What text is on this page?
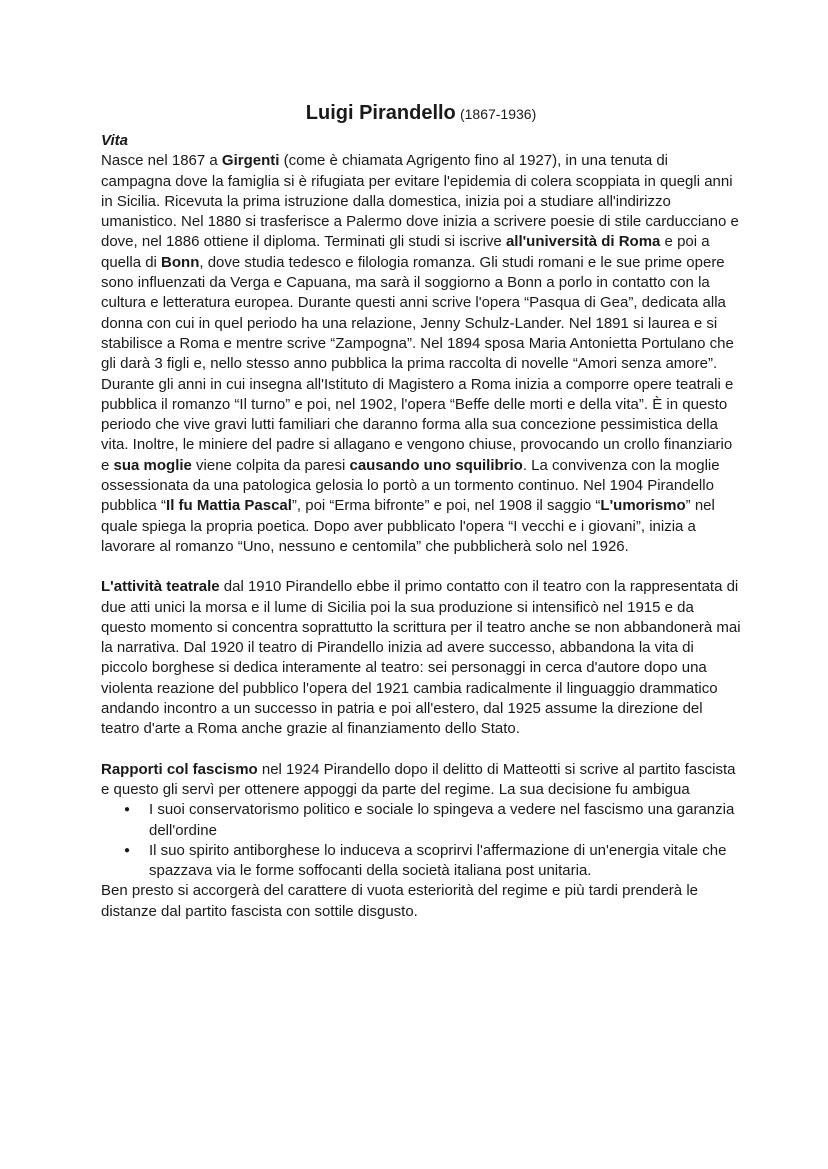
Luigi Pirandello (1867-1936)

Vita

Nasce nel 1867 a Girgenti (come è chiamata Agrigento fino al 1927), in una tenuta di campagna dove la famiglia si è rifugiata per evitare l'epidemia di colera scoppiata in quegli anni in Sicilia. Ricevuta la prima istruzione dalla domestica, inizia poi a studiare all'indirizzo umanistico. Nel 1880 si trasferisce a Palermo dove inizia a scrivere poesie di stile carducciano e dove, nel 1886 ottiene il diploma. Terminati gli studi si iscrive all'università di Roma e poi a quella di Bonn, dove studia tedesco e filologia romanza. Gli studi romani e le sue prime opere sono influenzati da Verga e Capuana, ma sarà il soggiorno a Bonn a porlo in contatto con la cultura e letteratura europea. Durante questi anni scrive l'opera “Pasqua di Gea”, dedicata alla donna con cui in quel periodo ha una relazione, Jenny Schulz-Lander. Nel 1891 si laurea e si stabilisce a Roma e mentre scrive “Zampogna”. Nel 1894 sposa Maria Antonietta Portulano che gli darà 3 figli e, nello stesso anno pubblica la prima raccolta di novelle “Amori senza amore”. Durante gli anni in cui insegna all'Istituto di Magistero a Roma inizia a comporre opere teatrali e pubblica il romanzo “Il turno” e poi, nel 1902, l'opera “Beffe delle morti e della vita”. È in questo periodo che vive gravi lutti familiari che daranno forma alla sua concezione pessimistica della vita. Inoltre, le miniere del padre si allagano e vengono chiuse, provocando un crollo finanziario e sua moglie viene colpita da paresi causando uno squilibrio. La convivenza con la moglie ossessionata da una patologica gelosia lo portò a un tormento continuo. Nel 1904 Pirandello pubblica “Il fu Mattia Pascal”, poi “Erma bifronte” e poi, nel 1908 il saggio “L'umorismo” nel quale spiega la propria poetica. Dopo aver pubblicato l'opera “I vecchi e i giovani”, inizia a lavorare al romanzo “Uno, nessuno e centomila” che pubblicherà solo nel 1926.

L'attività teatrale dal 1910 Pirandello ebbe il primo contatto con il teatro con la rappresentata di due atti unici la morsa e il lume di Sicilia poi la sua produzione si intensificò nel 1915 e da questo momento si concentra soprattutto la scrittura per il teatro anche se non abbandonerà mai la narrativa. Dal 1920 il teatro di Pirandello inizia ad avere successo, abbandona la vita di piccolo borghese si dedica interamente al teatro: sei personaggi in cerca d'autore dopo una violenta reazione del pubblico l'opera del 1921 cambia radicalmente il linguaggio drammatico andando incontro a un successo in patria e poi all'estero, dal 1925 assume la direzione del teatro d'arte a Roma anche grazie al finanziamento dello Stato.

Rapporti col fascismo nel 1924 Pirandello dopo il delitto di Matteotti si scrive al partito fascista e questo gli servì per ottenere appoggi da parte del regime. La sua decisione fu ambigua

● I suoi conservatorismo politico e sociale lo spingeva a vedere nel fascismo una garanzia dell'ordine
● Il suo spirito antiborghese lo induceva a scoprirvi l'affermazione di un'energia vitale che spazzava via le forme soffocanti della società italiana post unitaria.

Ben presto si accorgerà del carattere di vuota esteriorità del regime e più tardi prenderà le distanze dal partito fascista con sottile disgusto.
